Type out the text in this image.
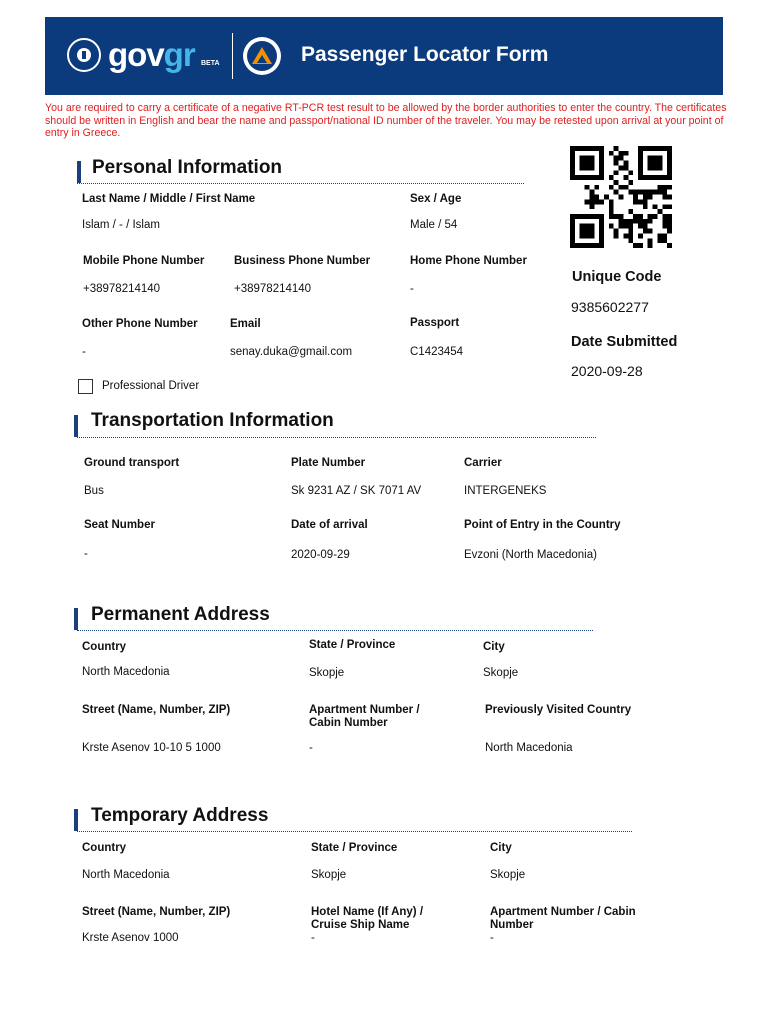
govgr BETA	Passenger Locator Form

You are required to carry a certificate of a negative RT-PCR test result to be allowed by the border authorities to enter the country. The certificates should be written in English and bear the name and passport/national ID number of the traveler. You may be retested upon arrival at your point of entry in Greece.

Personal Information
Last Name / Middle / First Name
Islam / - / Islam
Sex / Age
Male / 54
Mobile Phone Number
+38978214140
Business Phone Number
+38978214140
Home Phone Number
-
Other Phone Number
-
Email
senay.duka@gmail.com
Passport
C1423454
Professional Driver
Unique Code
9385602277
Date Submitted
2020-09-28
Transportation Information
Ground transport
Bus
Plate Number
Sk 9231 AZ / SK 7071 AV
Carrier
INTERGENEKS
Seat Number
-
Date of arrival
2020-09-29
Point of Entry in the Country
Evzoni (North Macedonia)
Permanent Address
Country
North Macedonia
State / Province
Skopje
City
Skopje
Street (Name, Number, ZIP)
Krste Asenov 10-10 5 1000
Apartment Number /
Cabin Number
-
Previously Visited Country
North Macedonia
Temporary Address
Country
North Macedonia
State / Province
Skopje
City
Skopje
Street (Name, Number, ZIP)
Krste Asenov 1000
Hotel Name (If Any) /
Cruise Ship Name
-
Apartment Number / Cabin
Number
-
